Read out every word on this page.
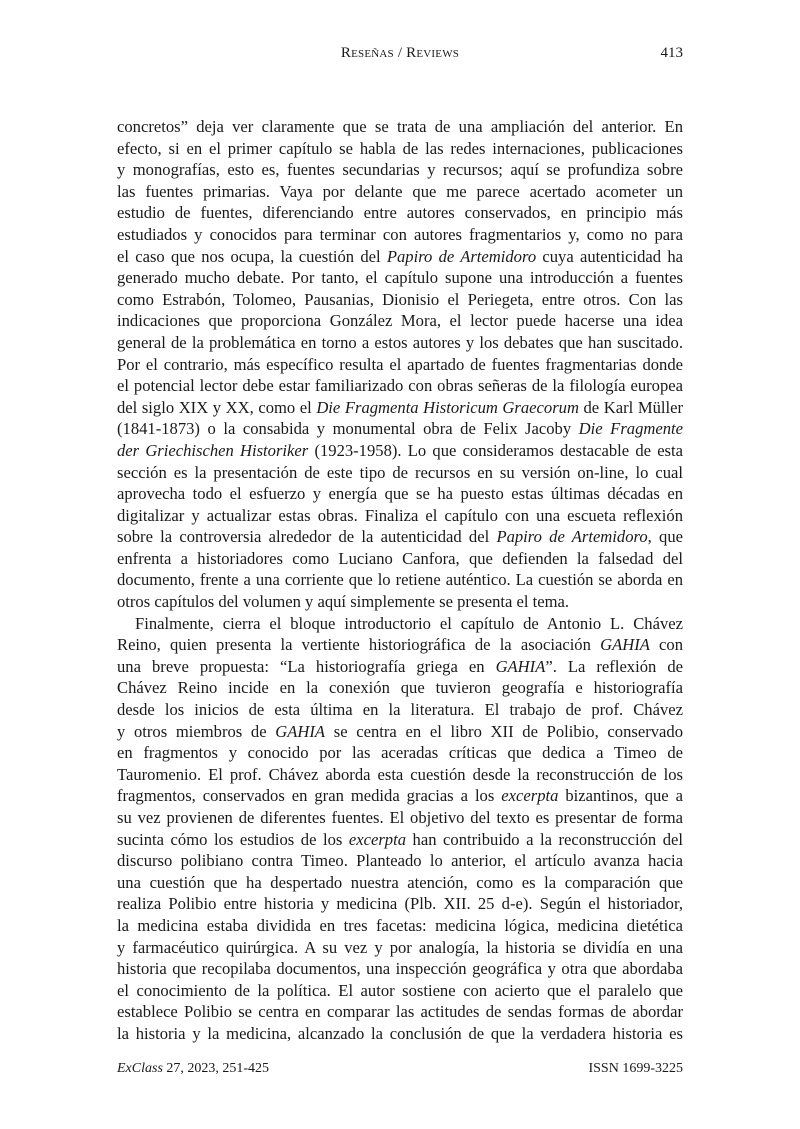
Reseñas / Reviews	413
concretos” deja ver claramente que se trata de una ampliación del anterior. En
efecto, si en el primer capítulo se habla de las redes internaciones, publicaciones
y monografías, esto es, fuentes secundarias y recursos; aquí se profundiza sobre
las fuentes primarias. Vaya por delante que me parece acertado acometer un
estudio de fuentes, diferenciando entre autores conservados, en principio más
estudiados y conocidos para terminar con autores fragmentarios y, como no para
el caso que nos ocupa, la cuestión del Papiro de Artemidoro cuya autenticidad ha
generado mucho debate. Por tanto, el capítulo supone una introducción a fuentes
como Estrabón, Tolomeo, Pausanias, Dionisio el Periegeta, entre otros. Con las
indicaciones que proporciona González Mora, el lector puede hacerse una idea
general de la problemática en torno a estos autores y los debates que han suscitado.
Por el contrario, más específico resulta el apartado de fuentes fragmentarias donde
el potencial lector debe estar familiarizado con obras señeras de la filología europea
del siglo XIX y XX, como el Die Fragmenta Historicum Graecorum de Karl Müller
(1841-1873) o la consabida y monumental obra de Felix Jacoby Die Fragmente
der Griechischen Historiker (1923-1958). Lo que consideramos destacable de esta
sección es la presentación de este tipo de recursos en su versión on-line, lo cual
aprovecha todo el esfuerzo y energía que se ha puesto estas últimas décadas en
digitalizar y actualizar estas obras. Finaliza el capítulo con una escueta reflexión
sobre la controversia alrededor de la autenticidad del Papiro de Artemidoro, que
enfrenta a historiadores como Luciano Canfora, que defienden la falsedad del
documento, frente a una corriente que lo retiene auténtico. La cuestión se aborda en
otros capítulos del volumen y aquí simplemente se presenta el tema.
Finalmente, cierra el bloque introductorio el capítulo de Antonio L. Chávez
Reino, quien presenta la vertiente historiográfica de la asociación GAHIA con
una breve propuesta: “La historiografía griega en GAHIA”. La reflexión de
Chávez Reino incide en la conexión que tuvieron geografía e historiografía
desde los inicios de esta última en la literatura. El trabajo de prof. Chávez
y otros miembros de GAHIA se centra en el libro XII de Polibio, conservado
en fragmentos y conocido por las aceradas críticas que dedica a Timeo de
Tauromenio. El prof. Chávez aborda esta cuestión desde la reconstrucción de los
fragmentos, conservados en gran medida gracias a los excerpta bizantinos, que a
su vez provienen de diferentes fuentes. El objetivo del texto es presentar de forma
sucinta cómo los estudios de los excerpta han contribuido a la reconstrucción del
discurso polibiano contra Timeo. Planteado lo anterior, el artículo avanza hacia
una cuestión que ha despertado nuestra atención, como es la comparación que
realiza Polibio entre historia y medicina (Plb. XII. 25 d-e). Según el historiador,
la medicina estaba dividida en tres facetas: medicina lógica, medicina dietética
y farmacéutico quirúrgica. A su vez y por analogía, la historia se dividía en una
historia que recopilaba documentos, una inspección geográfica y otra que abordaba
el conocimiento de la política. El autor sostiene con acierto que el paralelo que
establece Polibio se centra en comparar las actitudes de sendas formas de abordar
la historia y la medicina, alcanzado la conclusión de que la verdadera historia es
ExClass 27, 2023, 251-425	ISSN 1699-3225
